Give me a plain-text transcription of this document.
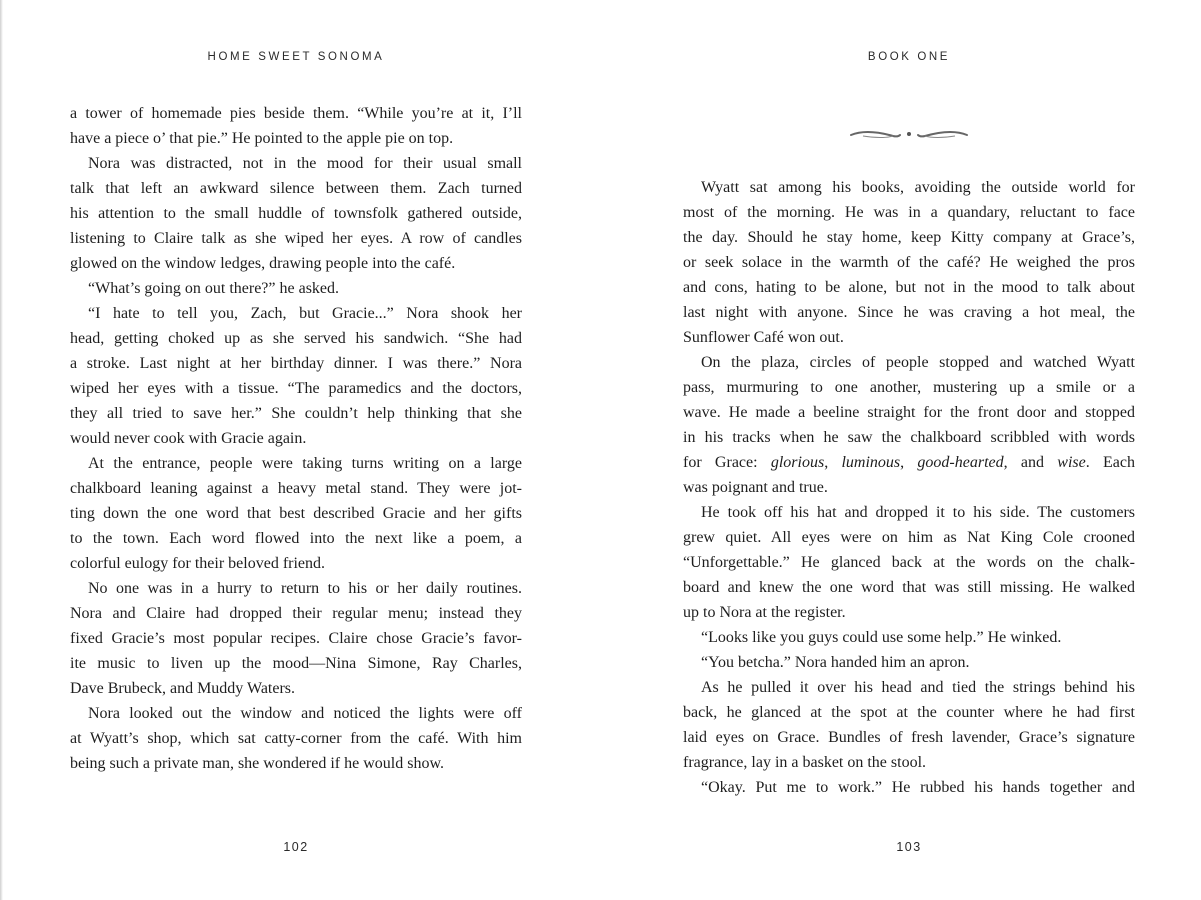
HOME SWEET SONOMA
a tower of homemade pies beside them. “While you’re at it, I’ll
have a piece o’ that pie.” He pointed to the apple pie on top.
Nora was distracted, not in the mood for their usual small
talk that left an awkward silence between them. Zach turned
his attention to the small huddle of townsfolk gathered outside,
listening to Claire talk as she wiped her eyes. A row of candles
glowed on the window ledges, drawing people into the café.
“What’s going on out there?” he asked.
“I hate to tell you, Zach, but Gracie...” Nora shook her
head, getting choked up as she served his sandwich. “She had
a stroke. Last night at her birthday dinner. I was there.” Nora
wiped her eyes with a tissue. “The paramedics and the doctors,
they all tried to save her.” She couldn’t help thinking that she
would never cook with Gracie again.
At the entrance, people were taking turns writing on a large
chalkboard leaning against a heavy metal stand. They were jot-
ting down the one word that best described Gracie and her gifts
to the town. Each word flowed into the next like a poem, a
colorful eulogy for their beloved friend.
No one was in a hurry to return to his or her daily routines.
Nora and Claire had dropped their regular menu; instead they
fixed Gracie’s most popular recipes. Claire chose Gracie’s favor-
ite music to liven up the mood—Nina Simone, Ray Charles,
Dave Brubeck, and Muddy Waters.
Nora looked out the window and noticed the lights were off
at Wyatt’s shop, which sat catty-corner from the café. With him
being such a private man, she wondered if he would show.
102
BOOK ONE
Wyatt sat among his books, avoiding the outside world for
most of the morning. He was in a quandary, reluctant to face
the day. Should he stay home, keep Kitty company at Grace’s,
or seek solace in the warmth of the café? He weighed the pros
and cons, hating to be alone, but not in the mood to talk about
last night with anyone. Since he was craving a hot meal, the
Sunflower Café won out.
On the plaza, circles of people stopped and watched Wyatt
pass, murmuring to one another, mustering up a smile or a
wave. He made a beeline straight for the front door and stopped
in his tracks when he saw the chalkboard scribbled with words
for Grace: glorious, luminous, good-hearted, and wise. Each
was poignant and true.
He took off his hat and dropped it to his side. The customers
grew quiet. All eyes were on him as Nat King Cole crooned
“Unforgettable.” He glanced back at the words on the chalk-
board and knew the one word that was still missing. He walked
up to Nora at the register.
“Looks like you guys could use some help.” He winked.
“You betcha.” Nora handed him an apron.
As he pulled it over his head and tied the strings behind his
back, he glanced at the spot at the counter where he had first
laid eyes on Grace. Bundles of fresh lavender, Grace’s signature
fragrance, lay in a basket on the stool.
“Okay. Put me to work.” He rubbed his hands together and
103
